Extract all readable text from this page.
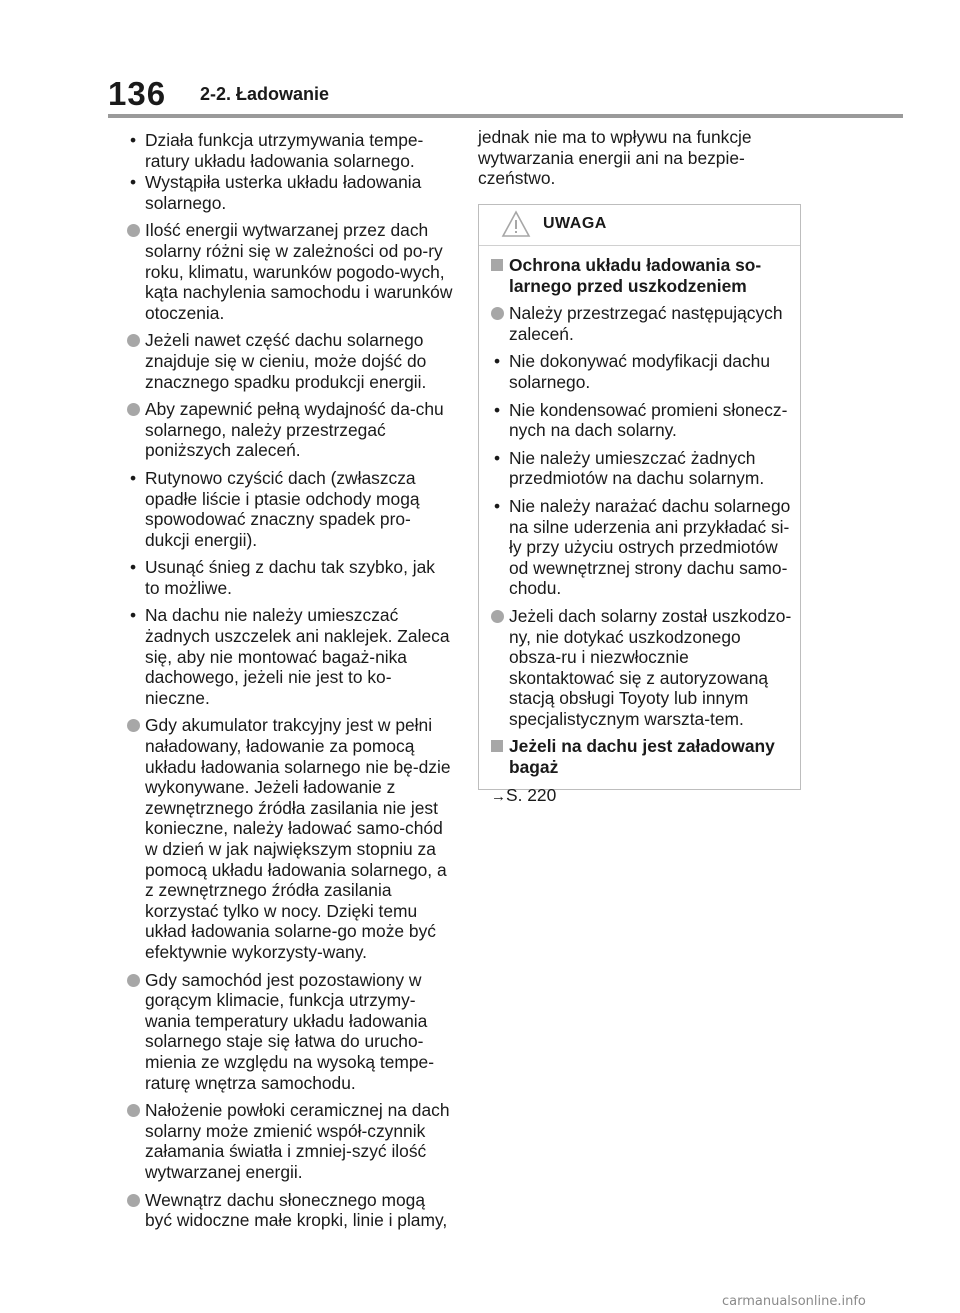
136 2-2. Ładowanie
• Działa funkcja utrzymywania tempe-ratury układu ładowania solarnego.
• Wystąpiła usterka układu ładowania solarnego.
Ilość energii wytwarzanej przez dach solarny różni się w zależności od po-ry roku, klimatu, warunków pogodo-wych, kąta nachylenia samochodu i warunków otoczenia.
Jeżeli nawet część dachu solarnego znajduje się w cieniu, może dojść do znacznego spadku produkcji energii.
Aby zapewnić pełną wydajność da-chu solarnego, należy przestrzegać poniższych zaleceń.
• Rutynowo czyścić dach (zwłaszcza opadłe liście i ptasie odchody mogą spowodować znaczny spadek pro-dukcji energii).
• Usunąć śnieg z dachu tak szybko, jak to możliwe.
• Na dachu nie należy umieszczać żadnych uszczelek ani naklejek. Zaleca się, aby nie montować bagaż-nika dachowego, jeżeli nie jest to ko-nieczne.
Gdy akumulator trakcyjny jest w pełni naładowany, ładowanie za pomocą układu ładowania solarnego nie bę-dzie wykonywane. Jeżeli ładowanie z zewnętrznego źródła zasilania nie jest konieczne, należy ładować samo-chód w dzień w jak największym stopniu za pomocą układu ładowania solarnego, a z zewnętrznego źródła zasilania korzystać tylko w nocy. Dzięki temu układ ładowania solarne-go może być efektywnie wykorzysty-wany.
Gdy samochód jest pozostawiony w gorącym klimacie, funkcja utrzymy-wania temperatury układu ładowania solarnego staje się łatwa do urucho-mienia ze względu na wysoką tempe-raturę wnętrza samochodu.
Nałożenie powłoki ceramicznej na dach solarny może zmienić współ-czynnik załamania światła i zmniej-szyć ilość wytwarzanej energii.
Wewnątrz dachu słonecznego mogą być widoczne małe kropki, linie i plamy,
jednak nie ma to wpływu na funkcje wytwarzania energii ani na bezpie-czeństwo.
UWAGA
Ochrona układu ładowania so-larnego przed uszkodzeniem
Należy przestrzegać następujących zaleceń.
• Nie dokonywać modyfikacji dachu solarnego.
• Nie kondensować promieni słonecz-nych na dach solarny.
• Nie należy umieszczać żadnych przedmiotów na dachu solarnym.
• Nie należy narażać dachu solarnego na silne uderzenia ani przykładać si-ły przy użyciu ostrych przedmiotów od wewnętrznej strony dachu samo-chodu.
Jeżeli dach solarny został uszkodzo-ny, nie dotykać uszkodzonego obsza-ru i niezwłocznie skontaktować się z autoryzowaną stacją obsługi Toyoty lub innym specjalistycznym warszta-tem.
Jeżeli na dachu jest załadowany bagaż
→S. 220
carmanualsonline.info
